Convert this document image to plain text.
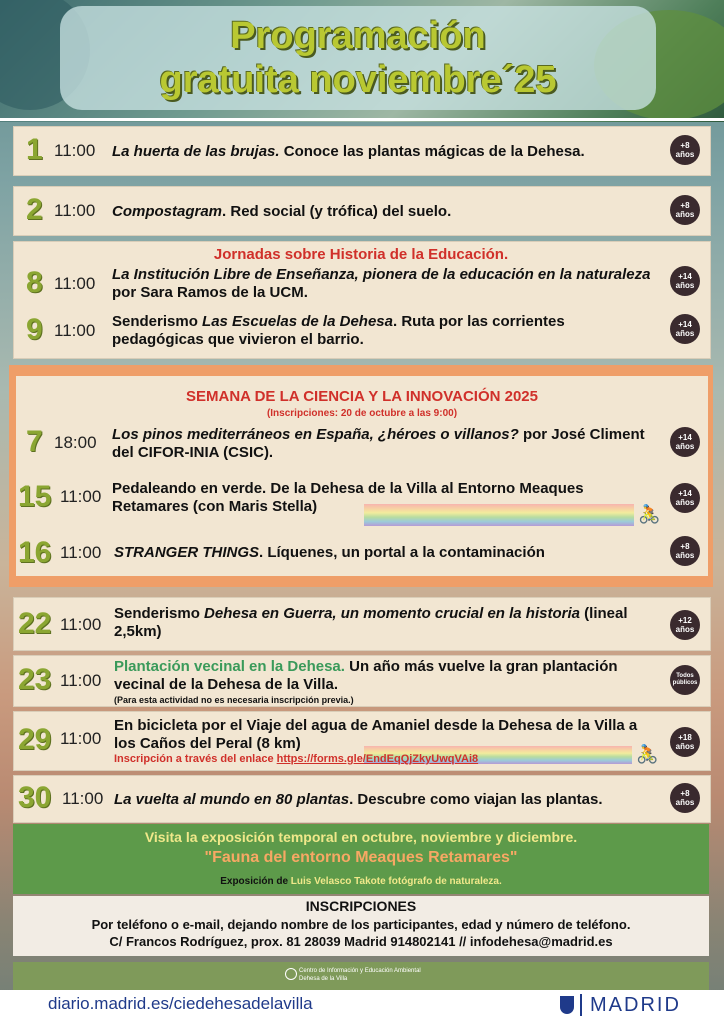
Programación
gratuita noviembre´25
1 11:00 La huerta de las brujas. Conoce las plantas mágicas de la Dehesa.	+8
años
2 11:00 Compostagram. Red social (y trófica) del suelo.	+8
años
Jornadas sobre Historia de la Educación.
8 11:00 La Institución Libre de Enseñanza, pionera de la educación en la naturaleza por Sara Ramos de la UCM.
+14
años
9 11:00 Senderismo Las Escuelas de la Dehesa. Ruta por las corrientes pedagógicas que vivieron el barrio.
+14
años
SEMANA DE LA CIENCIA Y LA INNOVACIÓN 2025
(Inscripciones: 20 de octubre a las 9:00)
7 18:00 Los pinos mediterráneos en España, ¿héroes o villanos? por José Climent del CIFOR-INIA (CSIC).
+14
años
15 11:00 Pedaleando en verde. De la Dehesa de la Villa al Entorno Meaques Retamares (con Maris Stella)	🚴
+14
años
16 11:00 STRANGER THINGS. Líquenes, un portal a la contaminación	+8
años
22 11:00
Senderismo Dehesa en Guerra, un momento crucial en la historia (lineal 2,5km)
+12
años
23 11:00
Plantación vecinal en la Dehesa. Un año más vuelve la gran plantación vecinal de la Dehesa de la Villa.
(Para esta actividad no es necesaria inscripción previa.)
Todos
públicos
29 11:00
En bicicleta por el Viaje del agua de Amaniel desde la Dehesa de la Villa a los Caños del Peral (8 km)
Inscripción a través del enlace https://forms.gle/EndEqQjZkyUwqVAi8	🚴
+18
años
30 11:00 La vuelta al mundo en 80 plantas. Descubre como viajan las plantas.	+8
años
Visita la exposición temporal en octubre, noviembre y diciembre.
"Fauna del entorno Meaques Retamares"
Exposición de Luis Velasco Takote fotógrafo de naturaleza.
INSCRIPCIONES
Por teléfono o e-mail, dejando nombre de los participantes, edad y número de teléfono.
C/ Francos Rodríguez, prox. 81 28039 Madrid 914802141 // infodehesa@madrid.es
Centro de Información y Educación Ambiental
Dehesa de la Villa
diario.madrid.es/ciedehesadelavilla	MADRID
